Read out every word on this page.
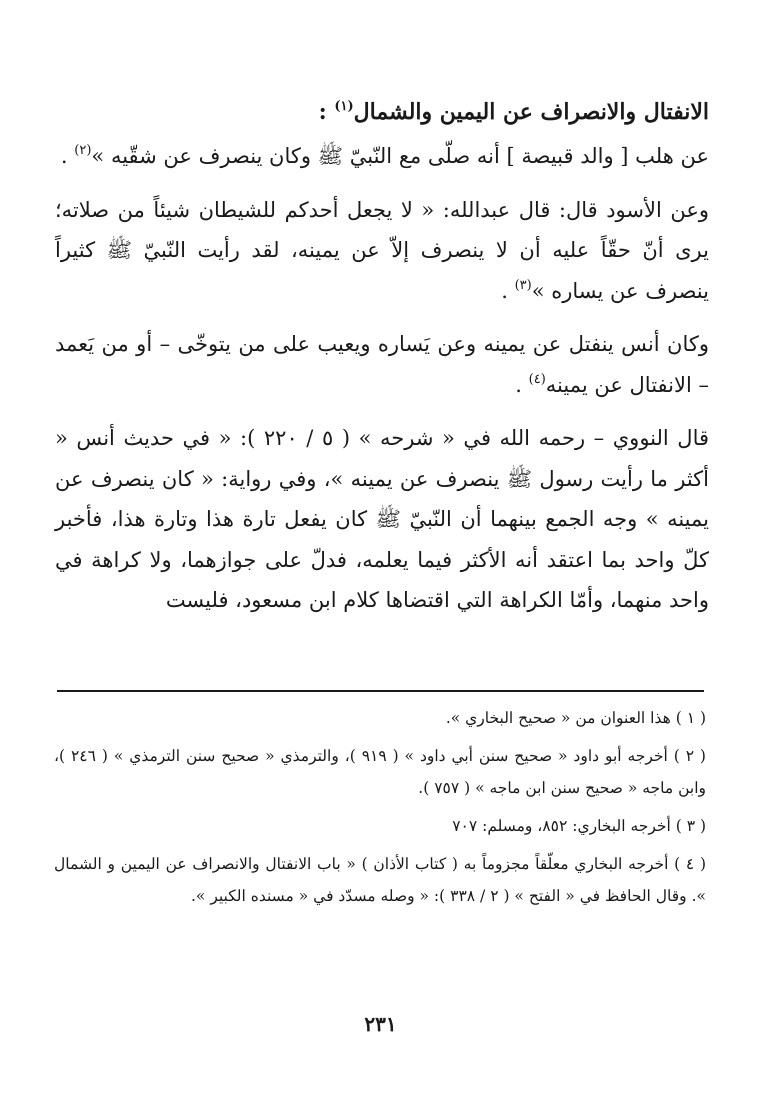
الانفتال والانصراف عن اليمين والشمال$^{(١)}$ :

عن هلب [ والد قبيصة ] أنه صلّى مع النّبيّ ﷺ وكان ينصرف عن شقّيه »$^{(٢)}$ .

وعن الأسود قال: قال عبدالله: « لا يجعل أحدكم للشيطان شيئاً من صلاته؛ يرى أنّ حقّاً عليه أن لا ينصرف إلاّ عن يمينه، لقد رأيت النّبيّ ﷺ كثيراً ينصرف عن يساره »$^{(٣)}$ .

وكان أنس ينفتل عن يمينه وعن يَساره ويعيب على من يتوخّى – أو من يَعمد – الانفتال عن يمينه$^{(٤)}$ .

قال النووي – رحمه الله في « شرحه » ( ٥ / ٢٢٠ ): « في حديث أنس « أكثر ما رأيت رسول ﷺ ينصرف عن يمينه »، وفي رواية: « كان ينصرف عن يمينه » وجه الجمع بينهما أن النّبيّ ﷺ كان يفعل تارة هذا وتارة هذا، فأخبر كلّ واحد بما اعتقد أنه الأكثر فيما يعلمه، فدلّ على جوازهما، ولا كراهة في واحد منهما، وأمّا الكراهة التي اقتضاها كلام ابن مسعود، فليست

( ١ ) هذا العنوان من « صحيح البخاري ».

( ٢ ) أخرجه أبو داود « صحيح سنن أبي داود » ( ٩١٩ )، والترمذي « صحيح سنن الترمذي » ( ٢٤٦ )، وابن ماجه « صحيح سنن ابن ماجه » ( ٧٥٧ ).

( ٣ ) أخرجه البخاري: ٨٥٢، ومسلم: ٧٠٧

( ٤ ) أخرجه البخاري معلّقاً مجزوماً به ( كتاب الأذان ) « باب الانفتال والانصراف عن اليمين و الشمال ». وقال الحافظ في « الفتح » ( ٢ / ٣٣٨ ): « وصله مسدّد في « مسنده الكبير ».

٢٣١
